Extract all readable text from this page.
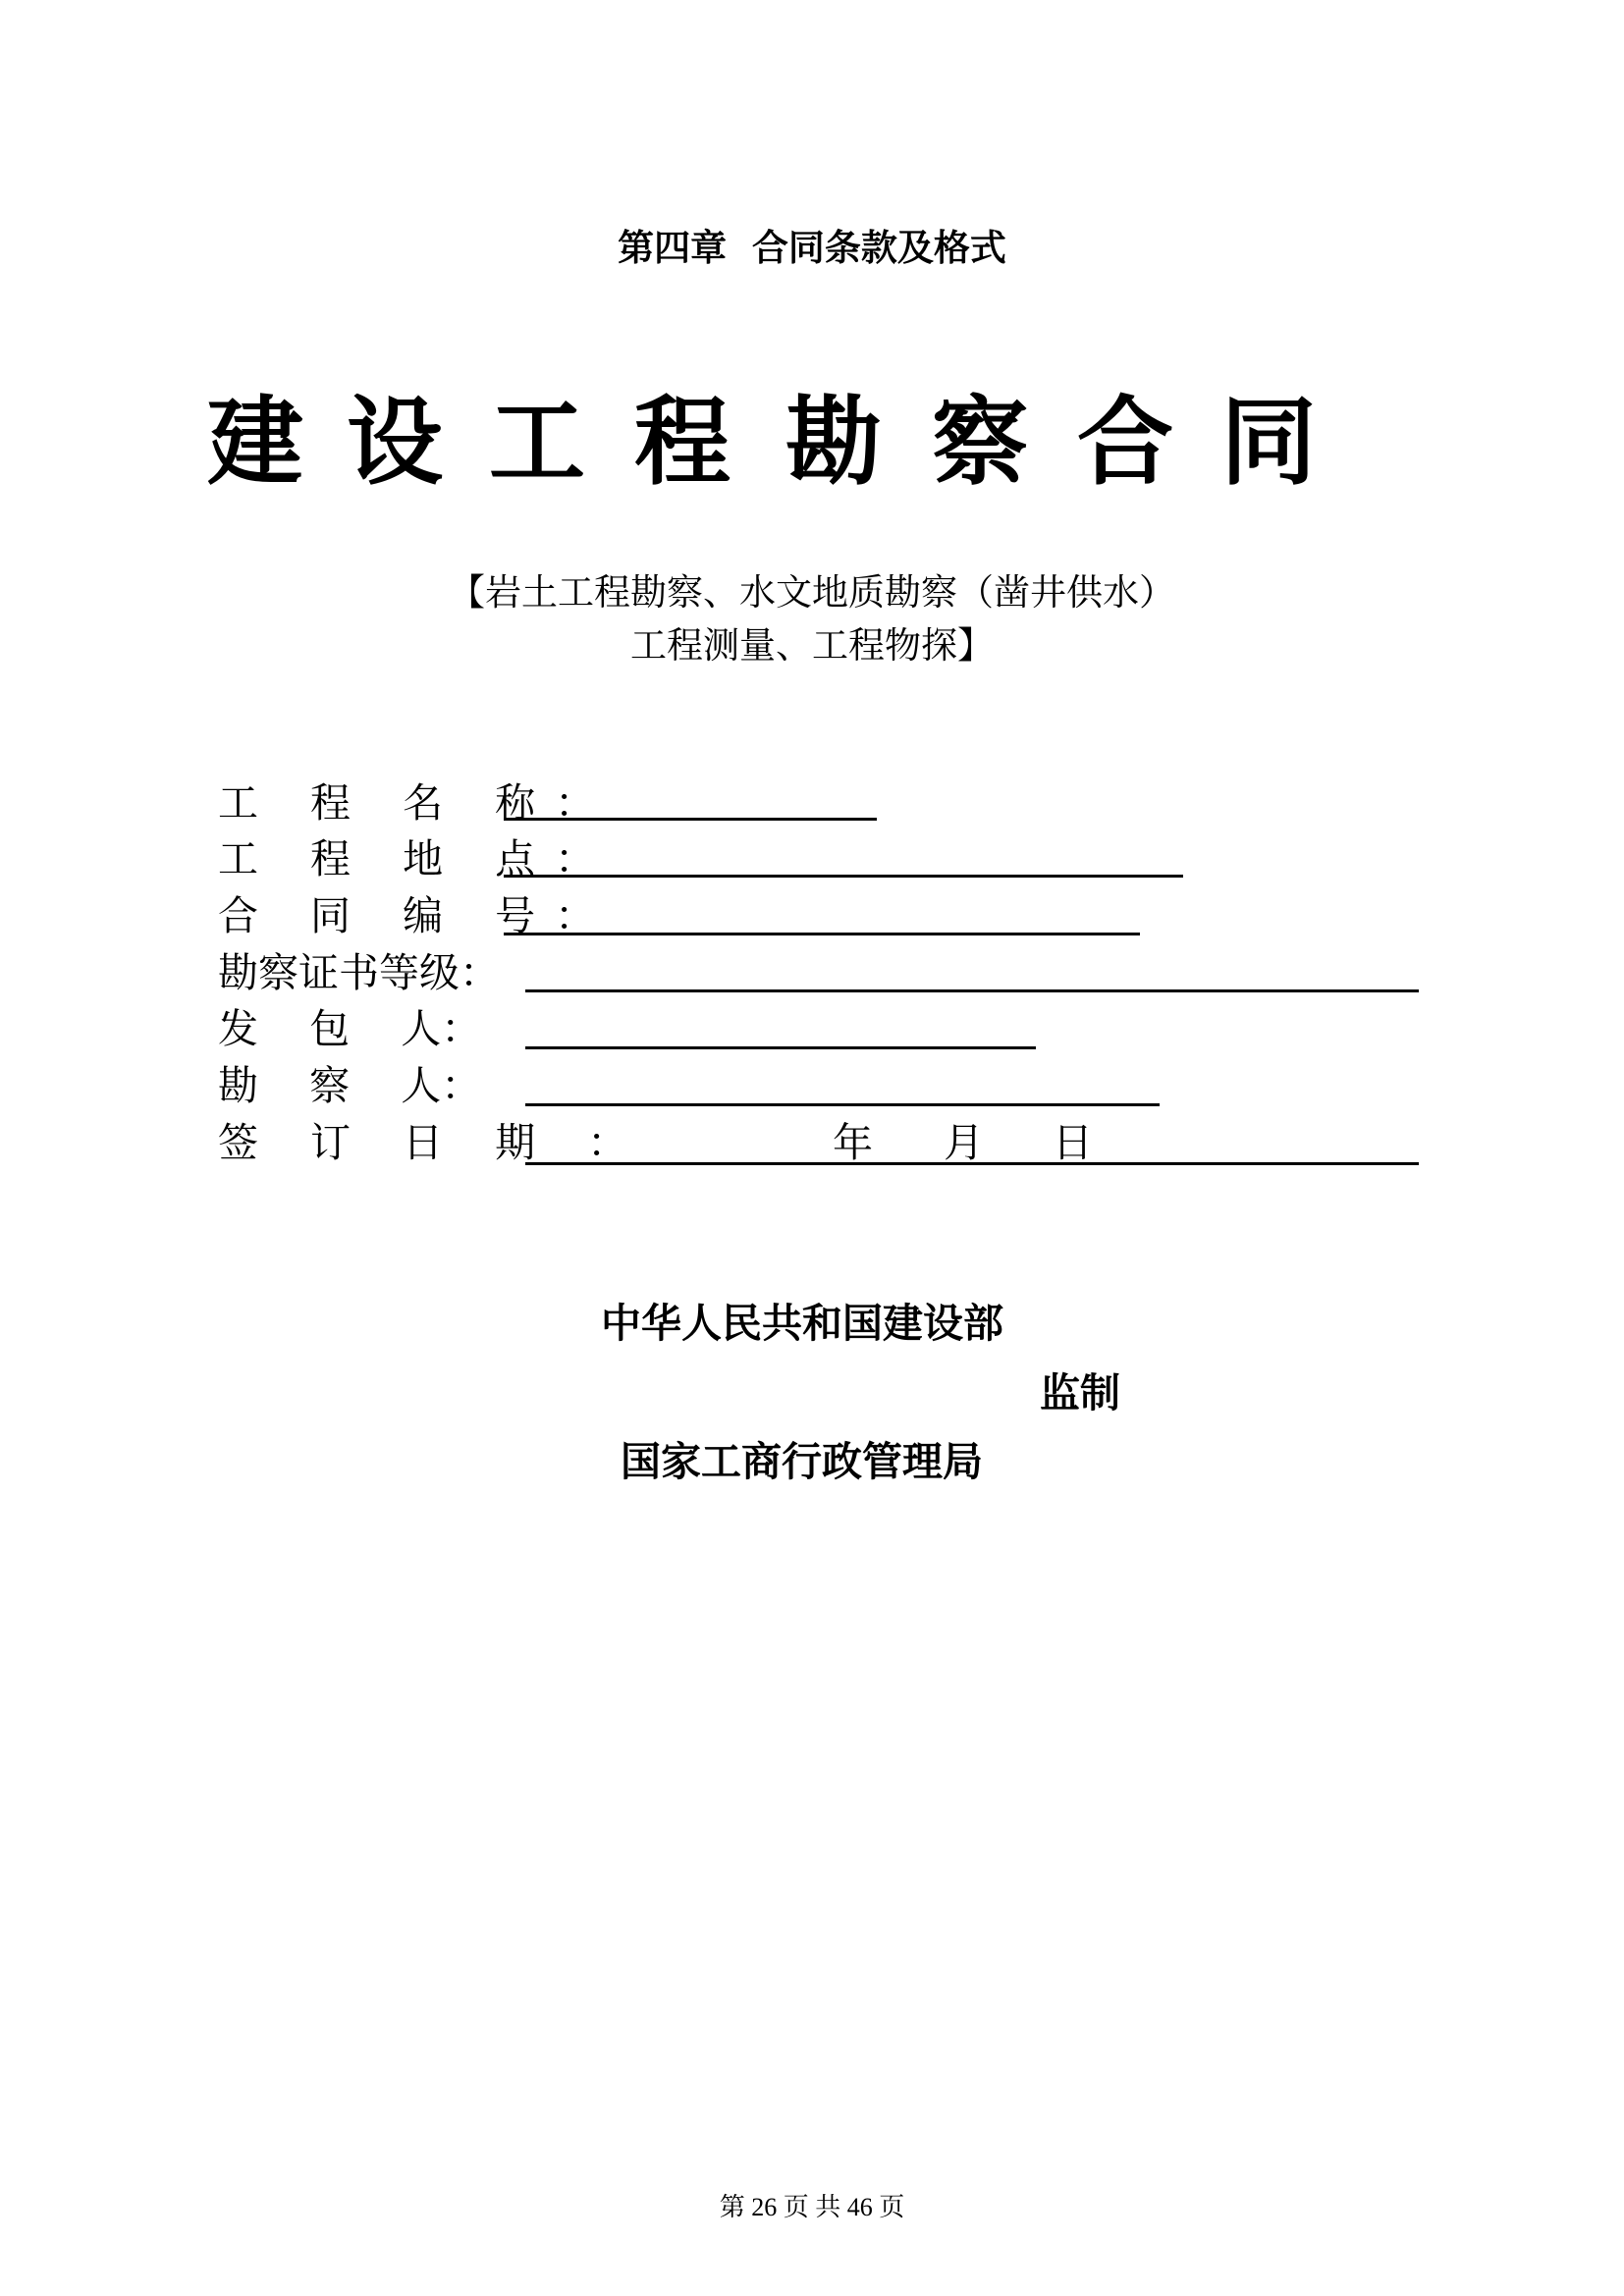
第四章  合同条款及格式
建 设 工 程 勘 察 合 同
【岩土工程勘察、水文地质勘察（凿井供水）
工程测量、工程物探】
工 程 名 称：
工 程 地 点：
合 同 编 号：
勘察证书等级：
发    包    人：
勘    察    人：
签 订 日 期 ：	年 月 日
中华人民共和国建设部
监制
国家工商行政管理局
第 26 页 共 46 页
